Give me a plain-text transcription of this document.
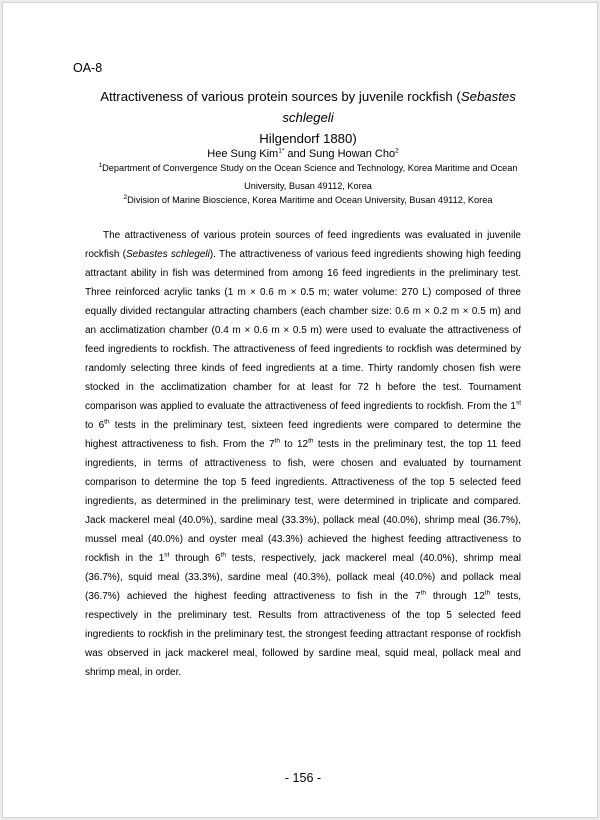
OA-8
Attractiveness of various protein sources by juvenile rockfish (Sebastes schlegeli
Hilgendorf 1880)
Hee Sung Kim$^{1*}$ and Sung Howan Cho$^2$
$^1$Department of Convergence Study on the Ocean Science and Technology, Korea Maritime and Ocean University, Busan 49112, Korea
$^2$Division of Marine Bioscience, Korea Maritime and Ocean University, Busan 49112, Korea

The attractiveness of various protein sources of feed ingredients was evaluated in juvenile rockfish (Sebastes schlegeli). The attractiveness of various feed ingredients showing high feeding attractant ability in fish was determined from among 16 feed ingredients in the preliminary test. Three reinforced acrylic tanks (1 m × 0.6 m × 0.5 m; water volume: 270 L) composed of three equally divided rectangular attracting chambers (each chamber size: 0.6 m × 0.2 m × 0.5 m) and an acclimatization chamber (0.4 m × 0.6 m × 0.5 m) were used to evaluate the attractiveness of feed ingredients to rockfish. The attractiveness of feed ingredients to rockfish was determined by randomly selecting three kinds of feed ingredients at a time. Thirty randomly chosen fish were stocked in the acclimatization chamber for at least for 72 h before the test. Tournament comparison was applied to evaluate the attractiveness of feed ingredients to rockfish. From the 1st to 6th tests in the preliminary test, sixteen feed ingredients were compared to determine the highest attractiveness to fish. From the 7th to 12th tests in the preliminary test, the top 11 feed ingredients, in terms of attractiveness to fish, were chosen and evaluated by tournament comparison to determine the top 5 feed ingredients. Attractiveness of the top 5 selected feed ingredients, as determined in the preliminary test, were determined in triplicate and compared. Jack mackerel meal (40.0%), sardine meal (33.3%), pollack meal (40.0%), shrimp meal (36.7%), mussel meal (40.0%) and oyster meal (43.3%) achieved the highest feeding attractiveness to rockfish in the 1st through 6th tests, respectively, jack mackerel meal (40.0%), shrimp meal (36.7%), squid meal (33.3%), sardine meal (40.3%), pollack meal (40.0%) and pollack meal (36.7%) achieved the highest feeding attractiveness to fish in the 7th through 12th tests, respectively in the preliminary test. Results from attractiveness of the top 5 selected feed ingredients to rockfish in the preliminary test, the strongest feeding attractant response of rockfish was observed in jack mackerel meal, followed by sardine meal, squid meal, pollack meal and shrimp meal, in order.

- 156 -
